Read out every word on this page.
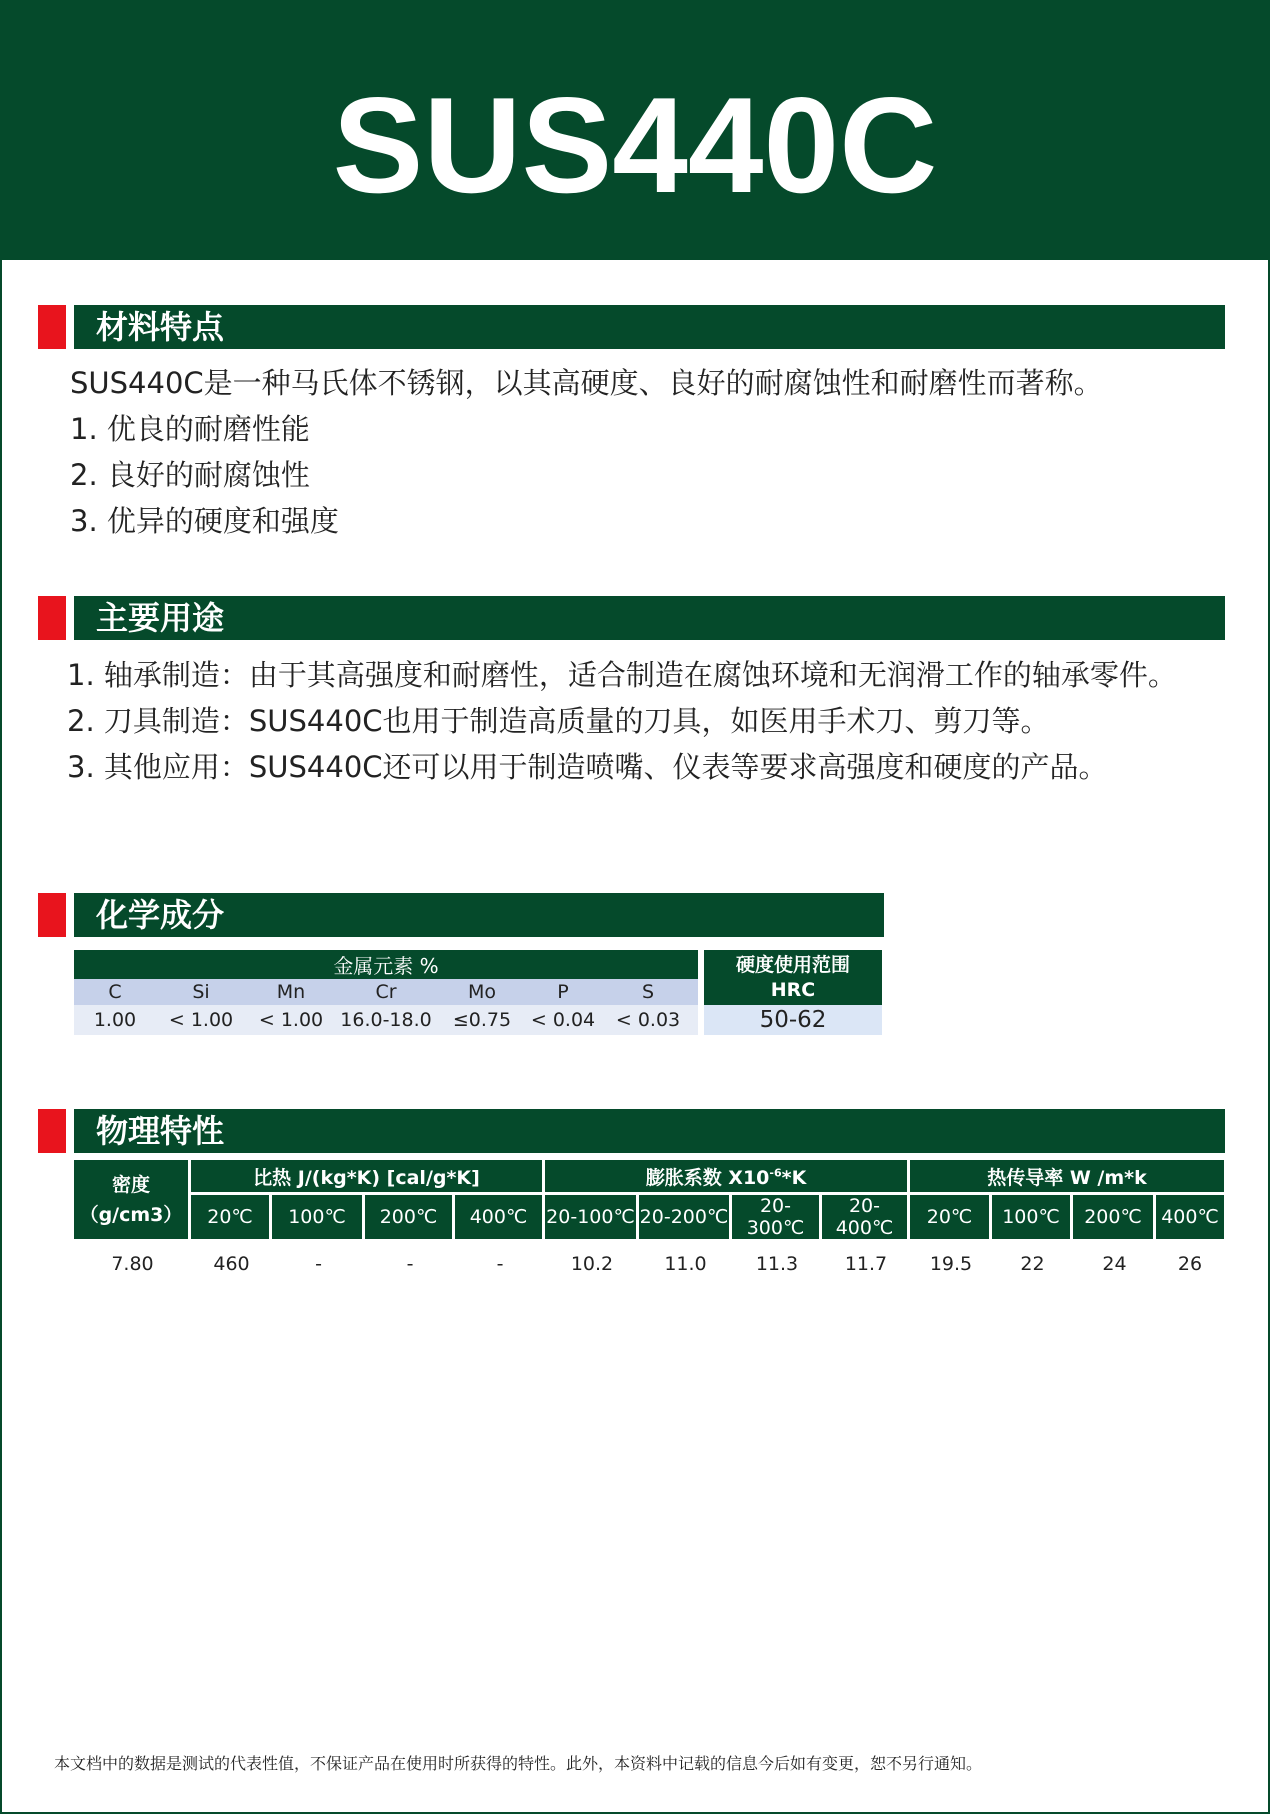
SUS440C
材料特点
SUS440C是一种马氏体不锈钢，以其高硬度、良好的耐腐蚀性和耐磨性而著称。
1. 优良的耐磨性能
2. 良好的耐腐蚀性
3. 优异的硬度和强度
主要用途
1. 轴承制造：由于其高强度和耐磨性，适合制造在腐蚀环境和无润滑工作的轴承零件。
2. 刀具制造：SUS440C也用于制造高质量的刀具，如医用手术刀、剪刀等。
3. 其他应用：SUS440C还可以用于制造喷嘴、仪表等要求高强度和硬度的产品。
化学成分
金属元素 %							硬度使用范围
HRC

C	Si	Mn	Cr	Mo	P	S	
1.00	< 1.00	< 1.00	16.0-18.0	≤0.75	< 0.04	< 0.03	50-62
物理特性
密度
（g/cm3）	比热 J/(kg*K) [cal/g*K]				膨胀系数 $X10^{-6}*K$				热传导率 W /m*k			
	20℃	100℃	200℃	400℃	20-100℃	20-200℃	20-300℃	20-400℃	20℃	100℃	200℃	400℃
7.80	460	-	-	-	10.2	11.0	11.3	11.7	19.5	22	24	26
本文档中的数据是测试的代表性值，不保证产品在使用时所获得的特性。此外，本资料中记载的信息今后如有变更，恕不另行通知。
